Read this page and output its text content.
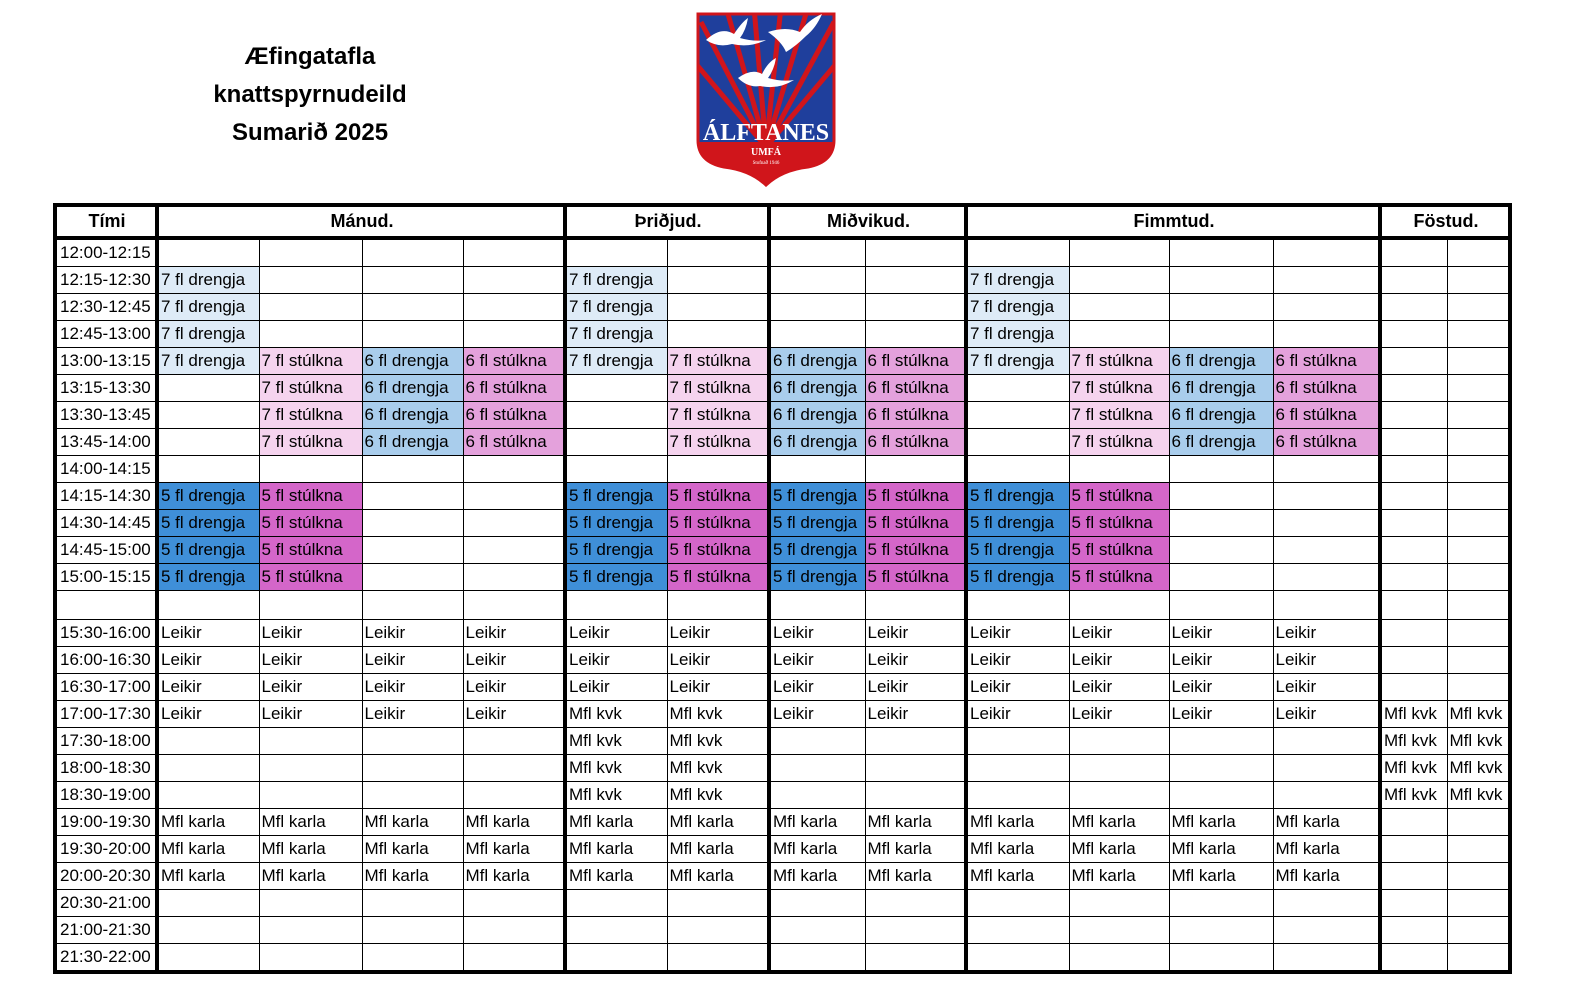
Æfingatafla
knattspyrnudeild
Sumarið 2025	ÁLFTANES
UMFÁ
Stofnað 1946
Tími	Mánud.				Þriðjud.		Miðvikud.		Fimmtud.				Föstud.	
12:00-12:15														
12:15-12:30	7 fl drengja				7 fl drengja				7 fl drengja					
12:30-12:45	7 fl drengja				7 fl drengja				7 fl drengja					
12:45-13:00	7 fl drengja				7 fl drengja				7 fl drengja					
13:00-13:15	7 fl drengja	7 fl stúlkna	6 fl drengja	6 fl stúlkna	7 fl drengja	7 fl stúlkna	6 fl drengja	6 fl stúlkna	7 fl drengja	7 fl stúlkna	6 fl drengja	6 fl stúlkna		
13:15-13:30		7 fl stúlkna	6 fl drengja	6 fl stúlkna		7 fl stúlkna	6 fl drengja	6 fl stúlkna		7 fl stúlkna	6 fl drengja	6 fl stúlkna		
13:30-13:45		7 fl stúlkna	6 fl drengja	6 fl stúlkna		7 fl stúlkna	6 fl drengja	6 fl stúlkna		7 fl stúlkna	6 fl drengja	6 fl stúlkna		
13:45-14:00		7 fl stúlkna	6 fl drengja	6 fl stúlkna		7 fl stúlkna	6 fl drengja	6 fl stúlkna		7 fl stúlkna	6 fl drengja	6 fl stúlkna		
14:00-14:15														
14:15-14:30	5 fl drengja	5 fl stúlkna			5 fl drengja	5 fl stúlkna	5 fl drengja	5 fl stúlkna	5 fl drengja	5 fl stúlkna				
14:30-14:45	5 fl drengja	5 fl stúlkna			5 fl drengja	5 fl stúlkna	5 fl drengja	5 fl stúlkna	5 fl drengja	5 fl stúlkna				
14:45-15:00	5 fl drengja	5 fl stúlkna			5 fl drengja	5 fl stúlkna	5 fl drengja	5 fl stúlkna	5 fl drengja	5 fl stúlkna				
15:00-15:15	5 fl drengja	5 fl stúlkna			5 fl drengja	5 fl stúlkna	5 fl drengja	5 fl stúlkna	5 fl drengja	5 fl stúlkna				

15:30-16:00	Leikir	Leikir	Leikir	Leikir	Leikir	Leikir	Leikir	Leikir	Leikir	Leikir	Leikir	Leikir		
16:00-16:30	Leikir	Leikir	Leikir	Leikir	Leikir	Leikir	Leikir	Leikir	Leikir	Leikir	Leikir	Leikir		
16:30-17:00	Leikir	Leikir	Leikir	Leikir	Leikir	Leikir	Leikir	Leikir	Leikir	Leikir	Leikir	Leikir		
17:00-17:30	Leikir	Leikir	Leikir	Leikir	Mfl kvk	Mfl kvk	Leikir	Leikir	Leikir	Leikir	Leikir	Leikir	Mfl kvk	Mfl kvk
17:30-18:00					Mfl kvk	Mfl kvk							Mfl kvk	Mfl kvk
18:00-18:30					Mfl kvk	Mfl kvk							Mfl kvk	Mfl kvk
18:30-19:00					Mfl kvk	Mfl kvk							Mfl kvk	Mfl kvk
19:00-19:30	Mfl karla	Mfl karla	Mfl karla	Mfl karla	Mfl karla	Mfl karla	Mfl karla	Mfl karla	Mfl karla	Mfl karla	Mfl karla	Mfl karla		
19:30-20:00	Mfl karla	Mfl karla	Mfl karla	Mfl karla	Mfl karla	Mfl karla	Mfl karla	Mfl karla	Mfl karla	Mfl karla	Mfl karla	Mfl karla		
20:00-20:30	Mfl karla	Mfl karla	Mfl karla	Mfl karla	Mfl karla	Mfl karla	Mfl karla	Mfl karla	Mfl karla	Mfl karla	Mfl karla	Mfl karla		
20:30-21:00														
21:00-21:30														
21:30-22:00														
